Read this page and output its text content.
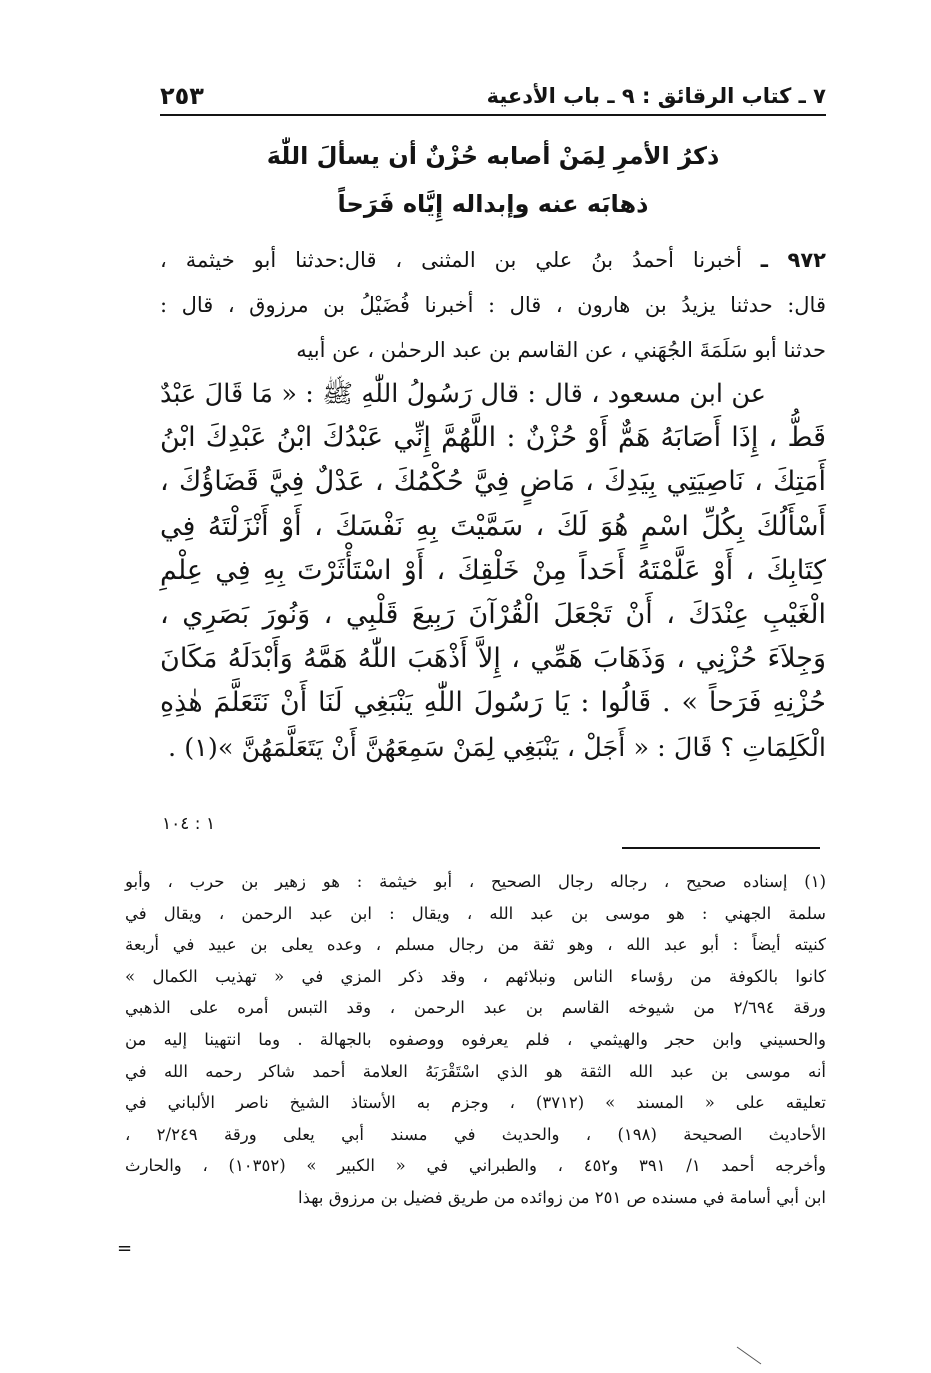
٧ ـ كتاب الرقائق : ٩ ـ باب الأدعية
٢٥٣
ذكرُ الأمرِ لِمَنْ أصابه حُزْنٌ أن يسألَ اللّٰهَ
ذهابَه عنه وإبداله إِيَّاه فَرَحاً
٩٧٢ ـ أخبرنا أحمدُ بنُ علي بن المثنى ، قال:حدثنا أبو خيثمة ،
قال: حدثنا يزيدُ بن هارون ، قال : أخبرنا فُضَيْلُ بن مرزوق ، قال :
حدثنا أبو سَلَمَةَ الجُهَني ، عن القاسم بن عبد الرحمٰن ، عن أبيه
عن ابن مسعود ، قال : قال رَسُولُ اللّٰهِ ﷺ : « مَا قَالَ عَبْدٌ
قَطُّ ، إِذَا أَصَابَهُ هَمٌّ أَوْ حُزْنٌ : اللَّهُمَّ إِنِّي عَبْدُكَ ابْنُ عَبْدِكَ ابْنُ
أَمَتِكَ ، نَاصِيَتِي بِيَدِكَ ، مَاضٍ فِيَّ حُكْمُكَ ، عَدْلٌ فِيَّ قَضَاؤُكَ ،
أَسْأَلُكَ بِكُلِّ اسْمٍ هُوَ لَكَ ، سَمَّيْتَ بِهِ نَفْسَكَ ، أَوْ أَنْزَلْتَهُ فِي
كِتَابِكَ ، أَوْ عَلَّمْتَهُ أَحَداً مِنْ خَلْقِكَ ، أَوْ اسْتَأْثَرْتَ بِهِ فِي عِلْمِ
الْغَيْبِ عِنْدَكَ ، أَنْ تَجْعَلَ الْقُرْآنَ رَبِيعَ قَلْبِي ، وَنُورَ بَصَرِي ،
وَجِلاَءَ حُزْنِي ، وَذَهَابَ هَمِّي ، إِلاَّ أَذْهَبَ اللّٰهُ هَمَّهُ وَأَبْدَلَهُ مَكَانَ
حُزْنِهِ فَرَحاً » . قَالُوا : يَا رَسُولَ اللّٰهِ يَنْبَغِي لَنَا أَنْ نَتَعَلَّمَ هٰذِهِ
الْكَلِمَاتِ ؟ قَالَ : « أَجَلْ ، يَنْبَغِي لِمَنْ سَمِعَهُنَّ أَنْ يَتَعَلَّمَهُنَّ »(١) .
١ : ١٠٤
(١) إسناده صحيح ، رجاله رجال الصحيح ، أبو خيثمة : هو زهير بن حرب ، وأبو
سلمة الجهني : هو موسى بن عبد الله ، ويقال : ابن عبد الرحمن ، ويقال في
كنيته أيضاً : أبو عبد الله ، وهو ثقة من رجال مسلم ، وعده يعلى بن عبيد في أربعة
كانوا بالكوفة من رؤساء الناس ونبلائهم ، وقد ذكر المزي في « تهذيب الكمال »
ورقة ٢/٦٩٤ من شيوخه القاسم بن عبد الرحمن ، وقد التبس أمره على الذهبي
والحسيني وابن حجر والهيثمي ، فلم يعرفوه ووصفوه بالجهالة . وما انتهينا إليه من
أنه موسى بن عبد الله الثقة هو الذي اسْتَقْرَبَهُ العلامة أحمد شاكر رحمه الله في
تعليقه على « المسند » (٣٧١٢) ، وجزم به الأستاذ الشيخ ناصر الألباني في
الأحاديث الصحيحة (١٩٨) ، والحديث في مسند أبي يعلى ورقة ٢/٢٤٩ ،
وأخرجه أحمد ١/ ٣٩١ و٤٥٢ ، والطبراني في « الكبير » (١٠٣٥٢) ، والحارث
ابن أبي أسامة في مسنده ص ٢٥١ من زوائده من طريق فضيل بن مرزوق بهذا
=
